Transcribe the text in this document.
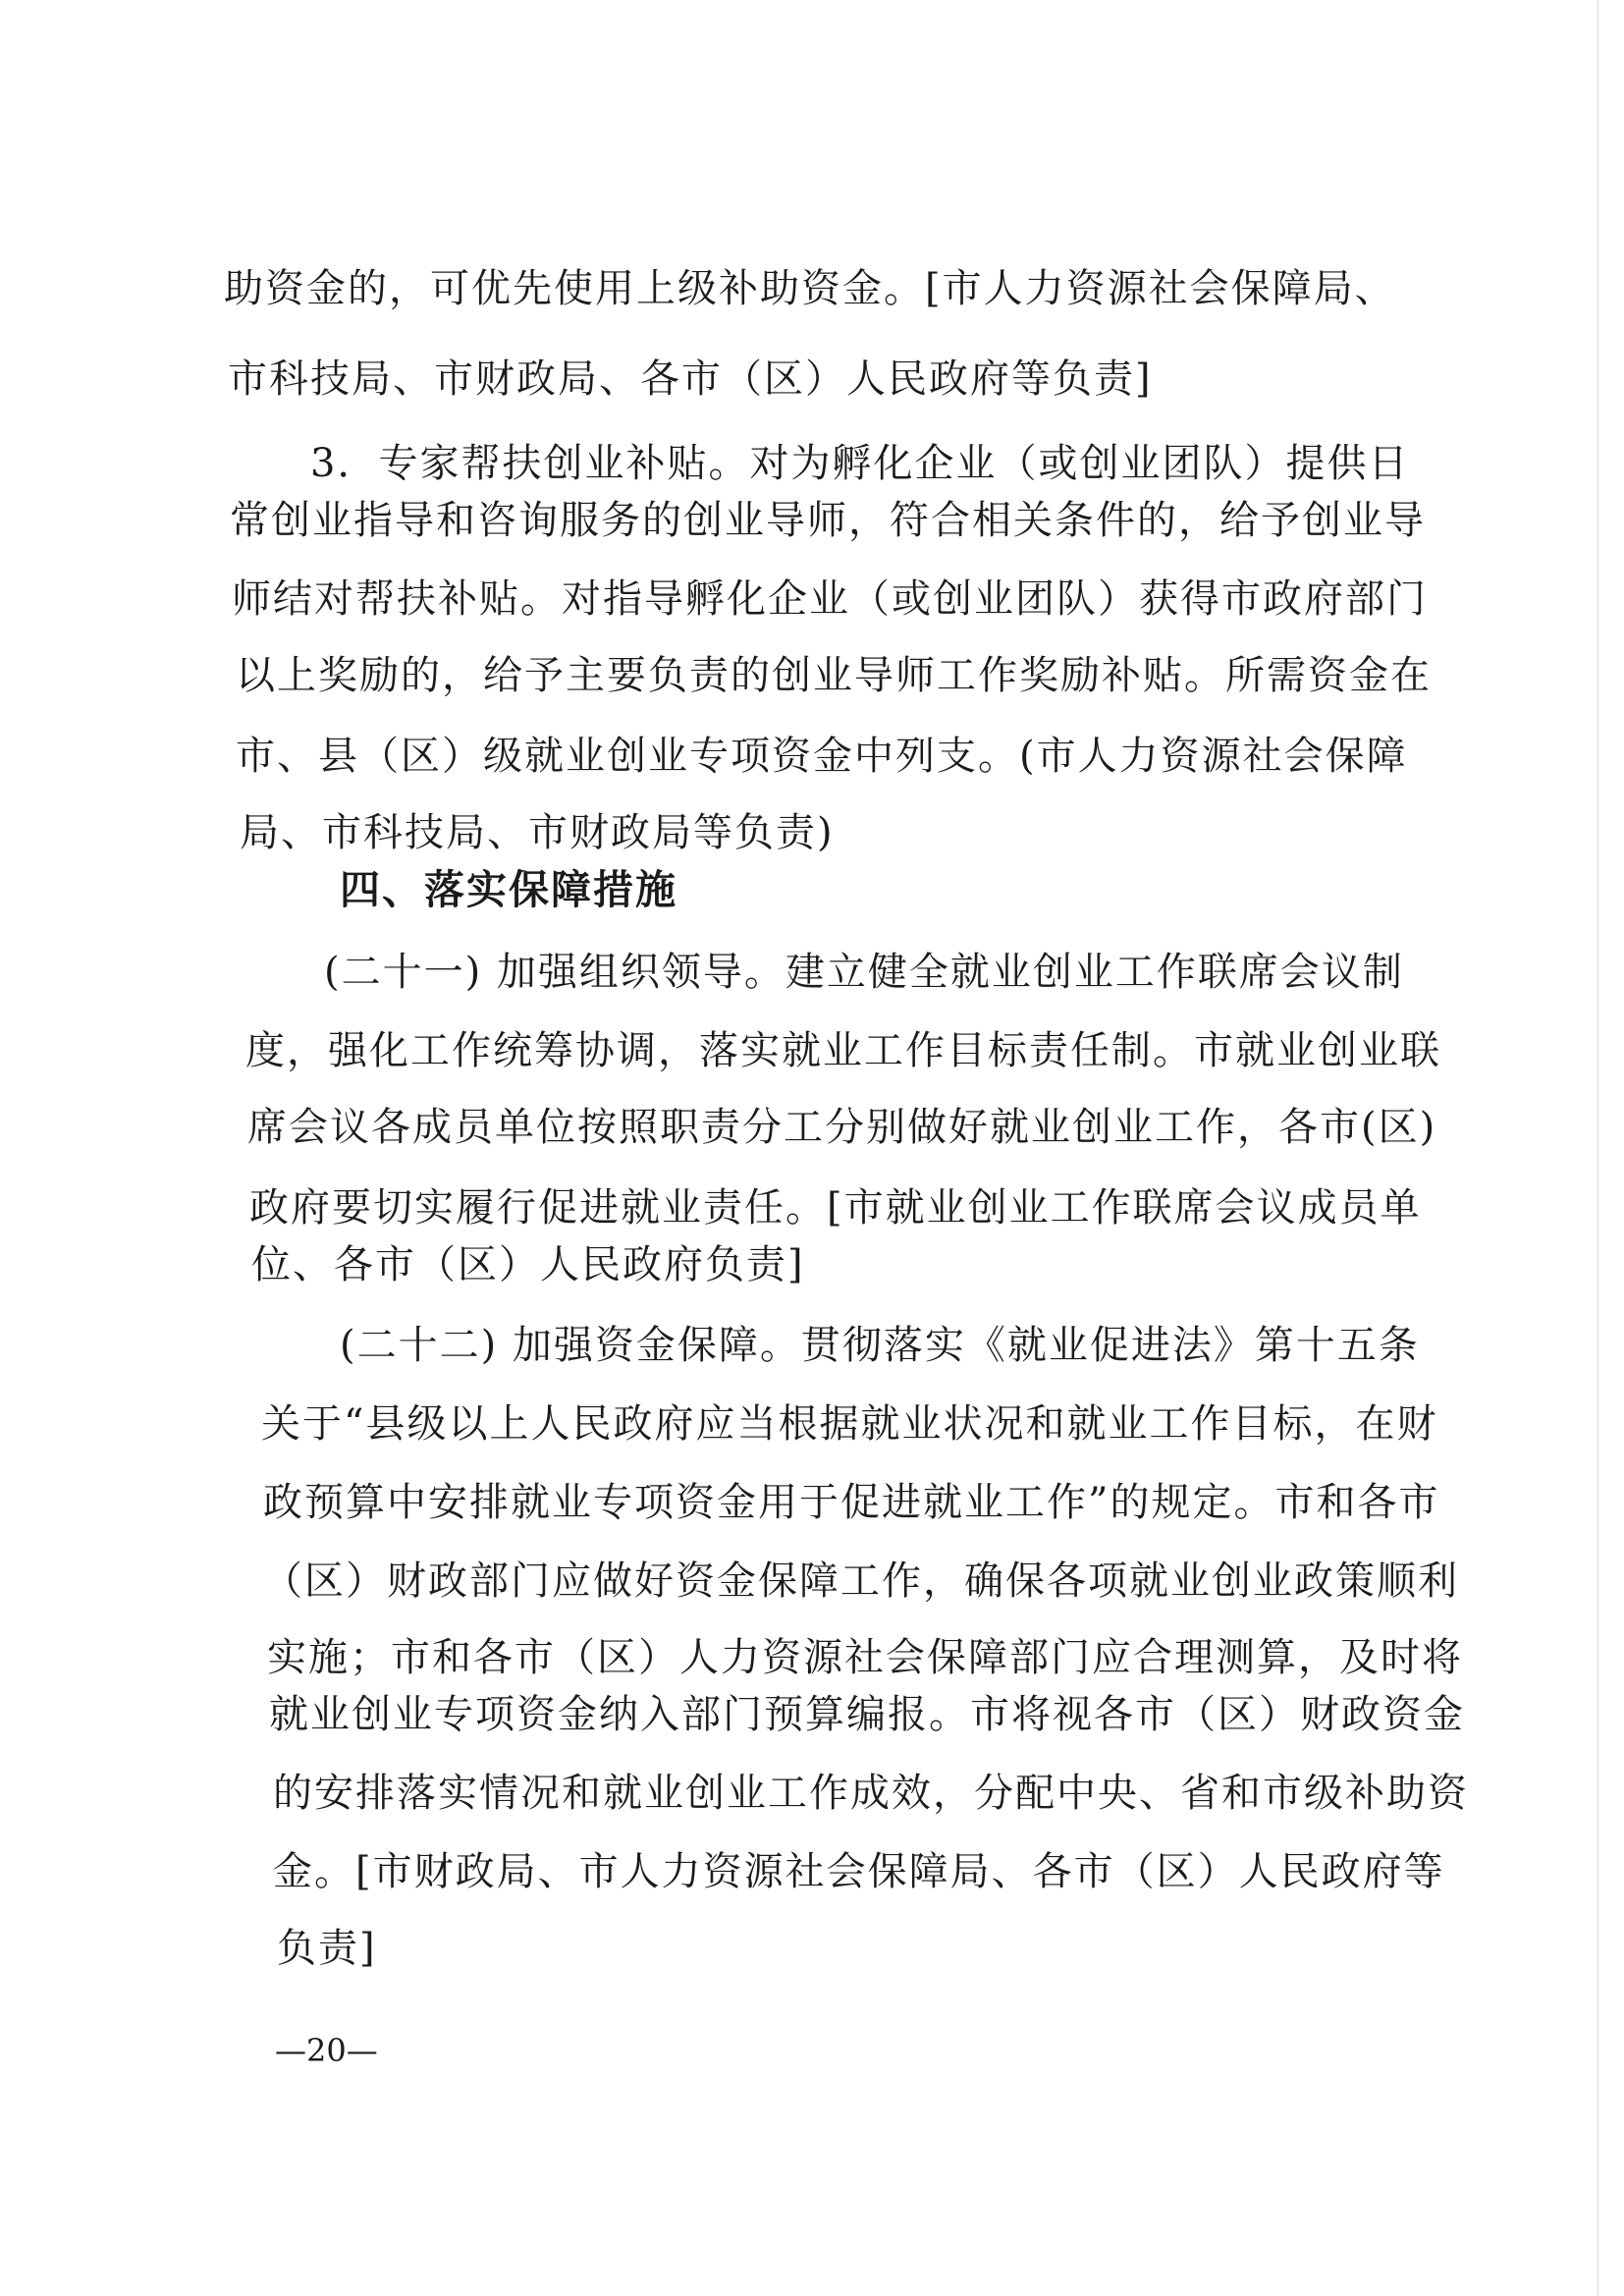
助资金的，可优先使用上级补助资金。[市人力资源社会保障局、
市科技局、市财政局、各市（区）人民政府等负责]
3．专家帮扶创业补贴。对为孵化企业（或创业团队）提供日
常创业指导和咨询服务的创业导师，符合相关条件的，给予创业导
师结对帮扶补贴。对指导孵化企业（或创业团队）获得市政府部门
以上奖励的，给予主要负责的创业导师工作奖励补贴。所需资金在
市、县（区）级就业创业专项资金中列支。(市人力资源社会保障
局、市科技局、市财政局等负责)
四、落实保障措施
(二十一) 加强组织领导。建立健全就业创业工作联席会议制
度，强化工作统筹协调，落实就业工作目标责任制。市就业创业联
席会议各成员单位按照职责分工分别做好就业创业工作，各市(区)
政府要切实履行促进就业责任。[市就业创业工作联席会议成员单
位、各市（区）人民政府负责]
(二十二) 加强资金保障。贯彻落实《就业促进法》第十五条
关于“县级以上人民政府应当根据就业状况和就业工作目标，在财
政预算中安排就业专项资金用于促进就业工作”的规定。市和各市
（区）财政部门应做好资金保障工作，确保各项就业创业政策顺利
实施；市和各市（区）人力资源社会保障部门应合理测算，及时将
就业创业专项资金纳入部门预算编报。市将视各市（区）财政资金
的安排落实情况和就业创业工作成效，分配中央、省和市级补助资
金。[市财政局、市人力资源社会保障局、各市（区）人民政府等
负责]
—20—
